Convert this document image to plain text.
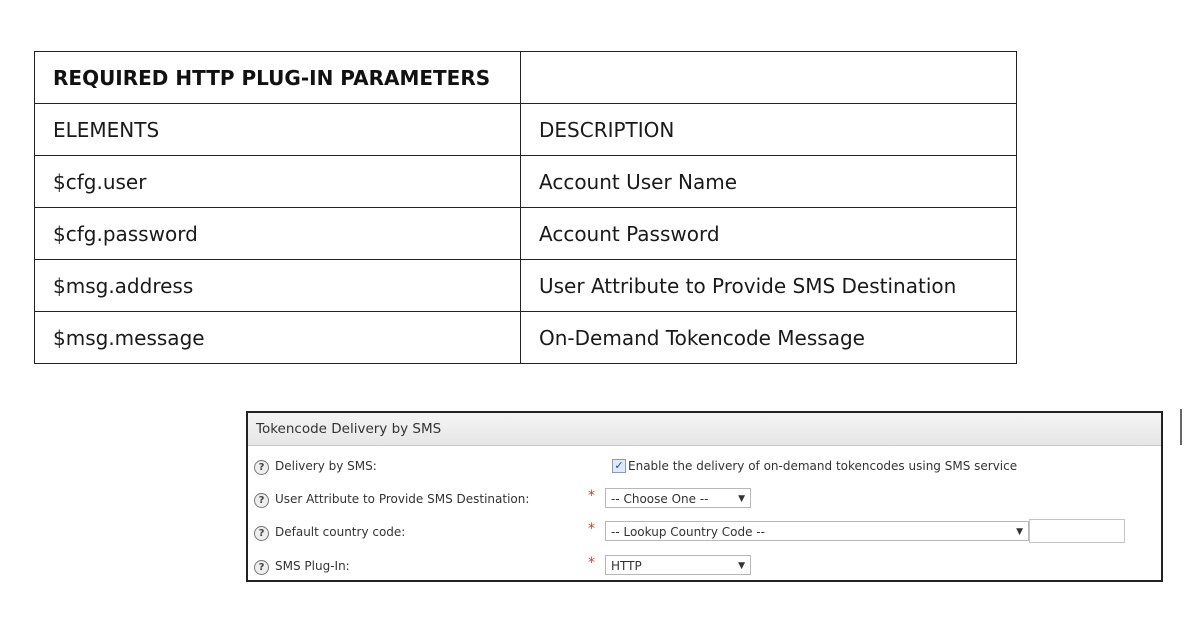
REQUIRED HTTP PLUG-IN PARAMETERS	
ELEMENTS	DESCRIPTION
$cfg.user	Account User Name
$cfg.password	Account Password
$msg.address	User Attribute to Provide SMS Destination
$msg.message	On-Demand Tokencode Message
Tokencode Delivery by SMS
? Delivery by SMS:	✓ Enable the delivery of on-demand tokencodes using SMS service
? User Attribute to Provide SMS Destination:	*	-- Choose One --	▼
? Default country code:	*	-- Lookup Country Code --	▼
? SMS Plug-In:	*	HTTP	▼
